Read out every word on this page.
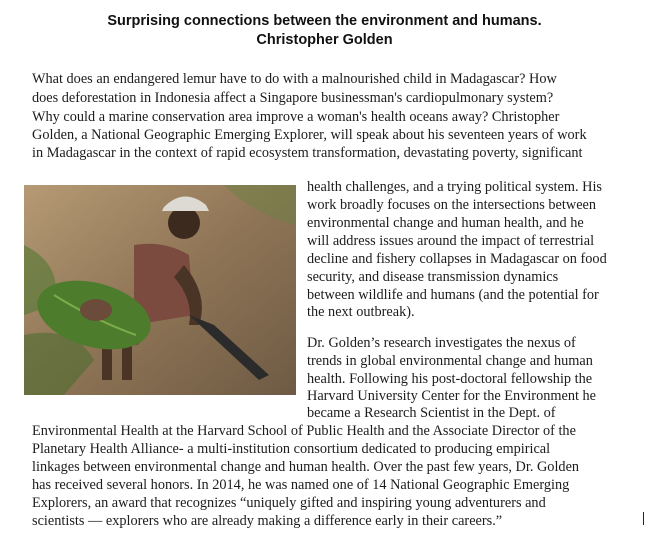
Surprising connections between the environment and humans.
Christopher Golden
What does an endangered lemur have to do with a malnourished child in Madagascar? How
does deforestation in Indonesia affect a Singapore businessman's cardiopulmonary system?
Why could a marine conservation area improve a woman's health oceans away? Christopher
Golden, a National Geographic Emerging Explorer, will speak about his seventeen years of work
in Madagascar in the context of rapid ecosystem transformation, devastating poverty, significant
health challenges, and a trying political system. His
work broadly focuses on the intersections between
environmental change and human health, and he
will address issues around the impact of terrestrial
decline and fishery collapses in Madagascar on food
security, and disease transmission dynamics
between wildlife and humans (and the potential for
the next outbreak).
Dr. Golden’s research investigates the nexus of
trends in global environmental change and human
health. Following his post-doctoral fellowship the
Harvard University Center for the Environment he
became a Research Scientist in the Dept. of
Environmental Health at the Harvard School of Public Health and the Associate Director of the
Planetary Health Alliance- a multi-institution consortium dedicated to producing empirical
linkages between environmental change and human health. Over the past few years, Dr. Golden
has received several honors. In 2014, he was named one of 14 National Geographic Emerging
Explorers, an award that recognizes “uniquely gifted and inspiring young adventurers and
scientists — explorers who are already making a difference early in their careers.”
